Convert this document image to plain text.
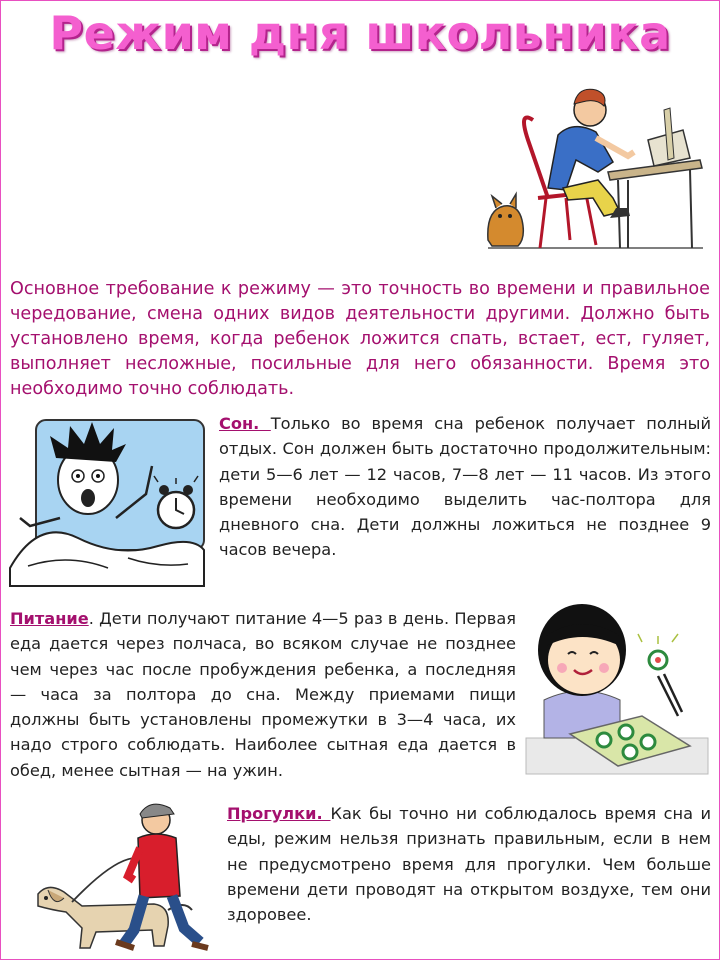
Режим дня школьника
Основное требование к режиму — это точность во времени и правильное чередование, смена одних видов деятельности другими. Должно быть установлено время, когда ребенок ложится спать, встает, ест, гуляет, выполняет несложные, посильные для него обязанности. Время это необходимо точно соблюдать.
Сон. Только во время сна ребенок получает полный отдых. Сон должен быть достаточно продолжительным: дети 5—6 лет — 12 часов, 7—8 лет — 11 часов. Из этого времени необходимо выделить час-полтора для дневного сна. Дети должны ложиться не позднее 9 часов вечера.
Питание. Дети получают питание 4—5 раз в день. Первая еда дается через полчаса, во всяком случае не позднее чем через час после пробуждения ребенка, а последняя — часа за полтора до сна. Между приемами пищи должны быть установлены промежутки в 3—4 часа, их надо строго соблюдать. Наиболее сытная еда дается в обед, менее сытная — на ужин.
Прогулки. Как бы точно ни соблюдалось время сна и еды, режим нельзя признать правильным, если в нем не предусмотрено время для прогулки. Чем больше времени дети проводят на открытом воздухе, тем они здоровее.
